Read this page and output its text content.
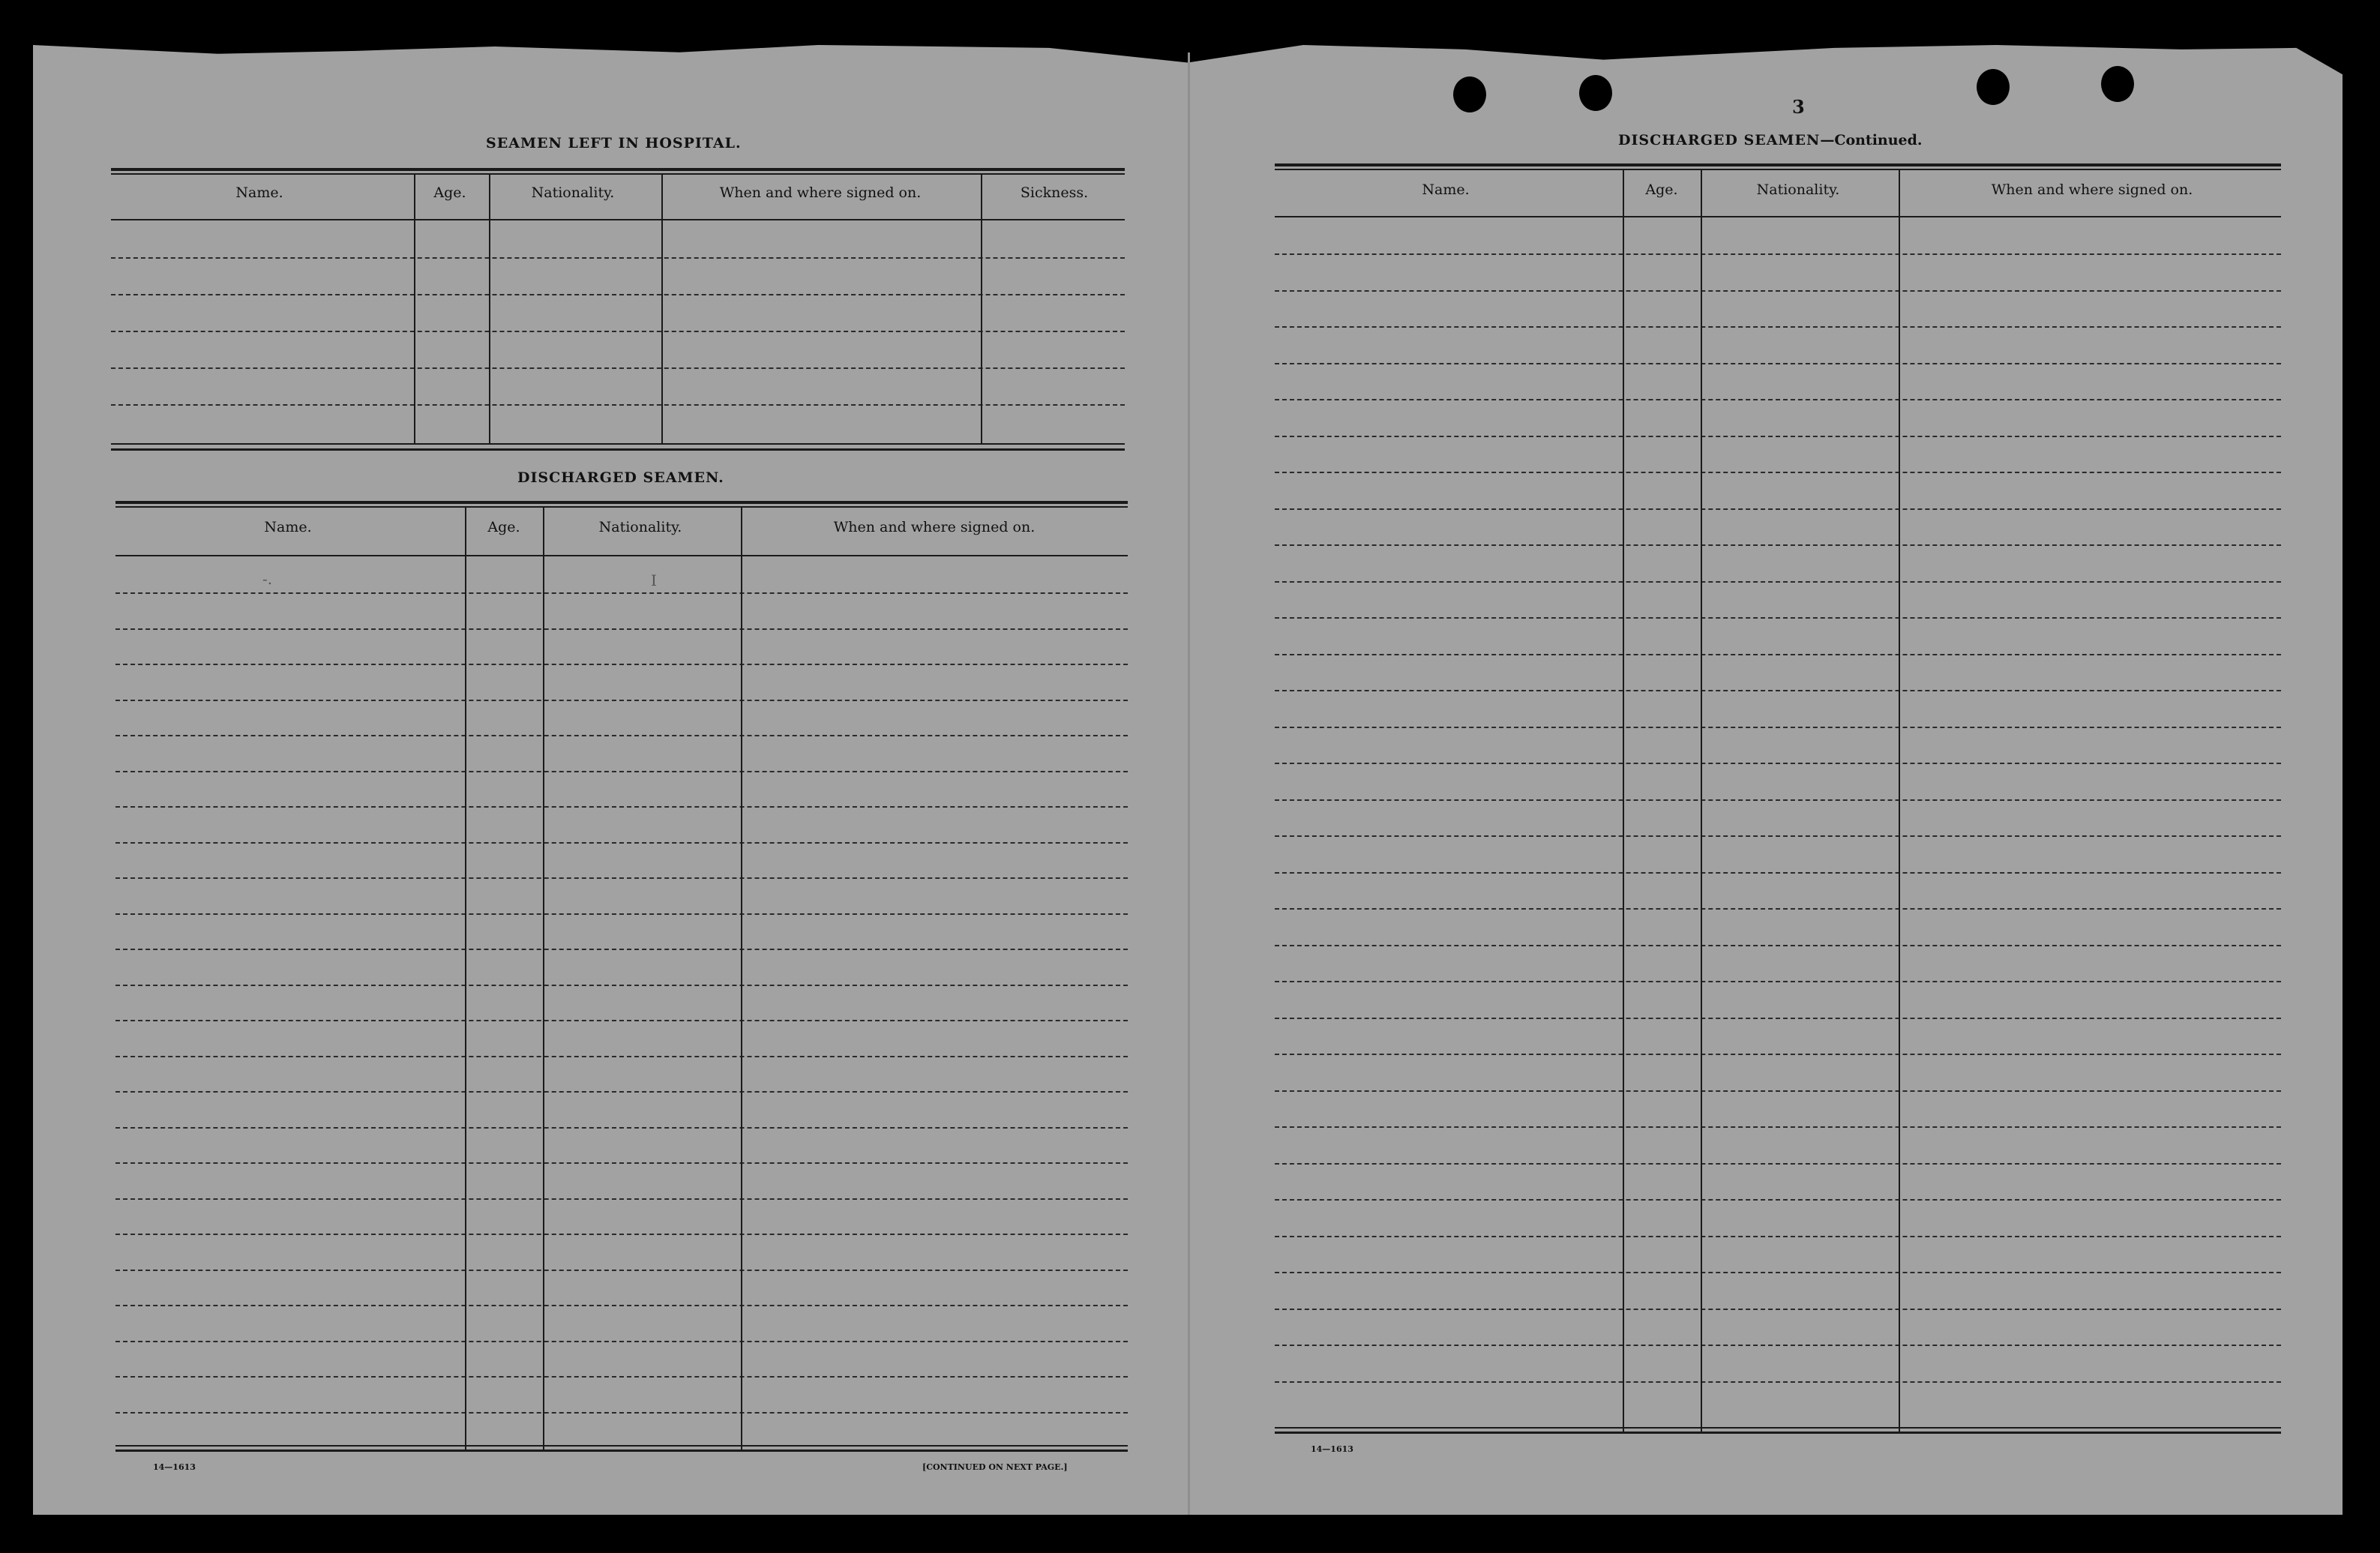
SEAMEN LEFT IN HOSPITAL.
Name.	Age.	Nationality.	When and where signed on.	Sickness.
DISCHARGED SEAMEN.
Name.	Age.	Nationality.	When and where signed on.
-.	I
14—1613	[CONTINUED ON NEXT PAGE.]
3
DISCHARGED SEAMEN—Continued.
Name.	Age.	Nationality.	When and where signed on.
14—1613
